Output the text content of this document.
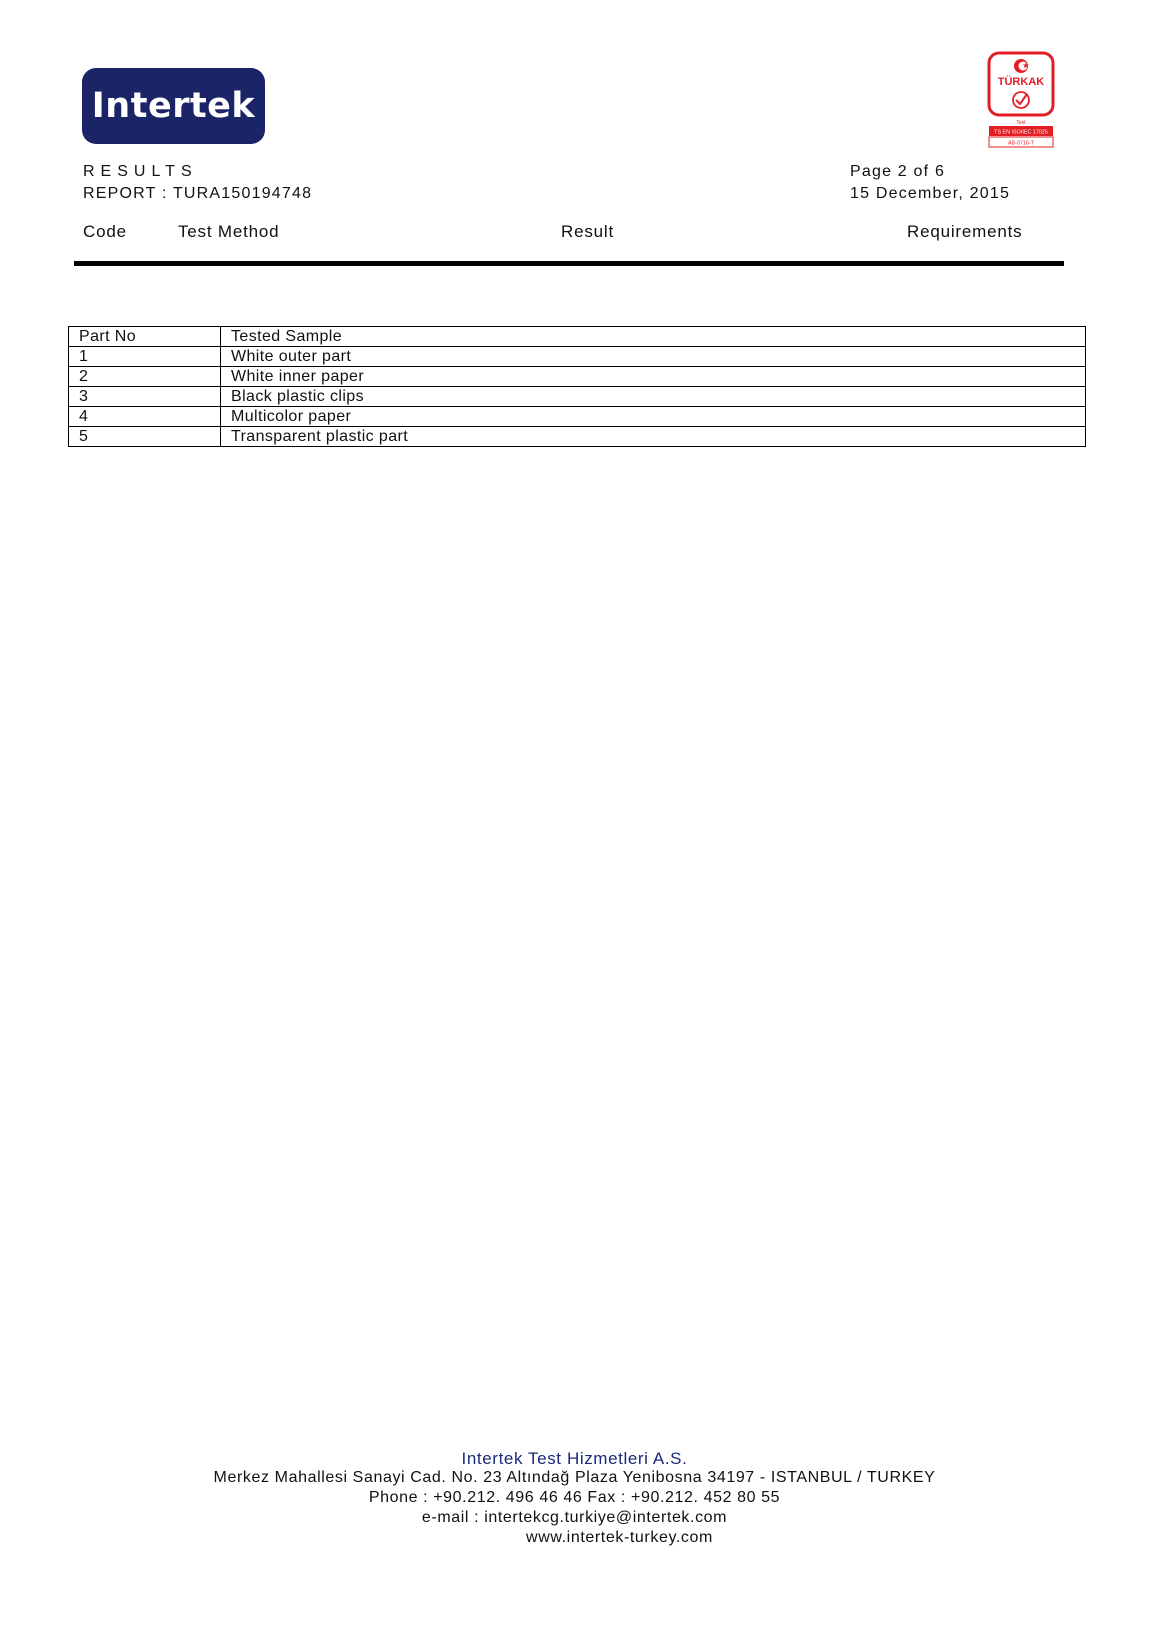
Intertek
TÜRKAK
Test
TS EN ISO/IEC 17025
AB-0716-T
RESULTS
REPORT : TURA150194748
Page 2 of 6
15 December, 2015
Code	Test Method	Result	Requirements
Part No	Tested Sample
1	White outer part
2	White inner paper
3	Black plastic clips
4	Multicolor paper
5	Transparent plastic part
Intertek Test Hizmetleri A.S.
Merkez Mahallesi Sanayi Cad. No. 23 Altındağ Plaza Yenibosna 34197 - ISTANBUL / TURKEY
Phone : +90.212. 496 46 46 Fax : +90.212. 452 80 55
e-mail : intertekcg.turkiye@intertek.com
www.intertek-turkey.com
